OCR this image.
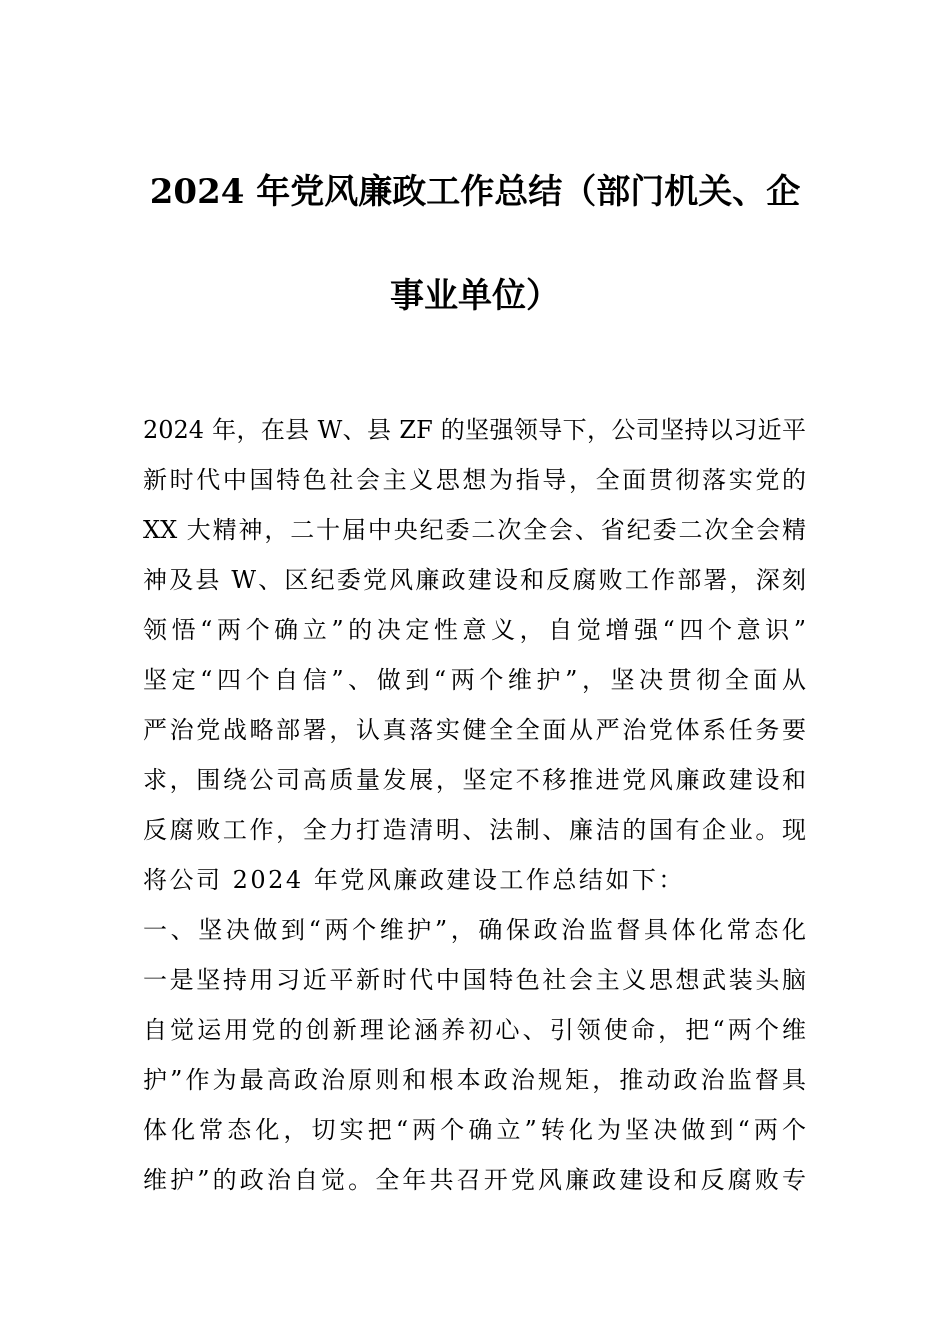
2024 年党风廉政工作总结（部门机关、企
事业单位）
2024 年，在县 W、县 ZF 的坚强领导下，公司坚持以习近平
新时代中国特色社会主义思想为指导，全面贯彻落实党的
XX 大精神，二十届中央纪委二次全会、省纪委二次全会精
神及县 W、区纪委党风廉政建设和反腐败工作部署，深刻
领悟“两个确立”的决定性意义，自觉增强“四个意识”
坚定“四个自信”、做到“两个维护”，坚决贯彻全面从
严治党战略部署，认真落实健全全面从严治党体系任务要
求，围绕公司高质量发展，坚定不移推进党风廉政建设和
反腐败工作，全力打造清明、法制、廉洁的国有企业。现
将公司 2024 年党风廉政建设工作总结如下：
一、坚决做到“两个维护”，确保政治监督具体化常态化
一是坚持用习近平新时代中国特色社会主义思想武装头脑
自觉运用党的创新理论涵养初心、引领使命，把“两个维
护”作为最高政治原则和根本政治规矩，推动政治监督具
体化常态化，切实把“两个确立”转化为坚决做到“两个
维护”的政治自觉。全年共召开党风廉政建设和反腐败专
